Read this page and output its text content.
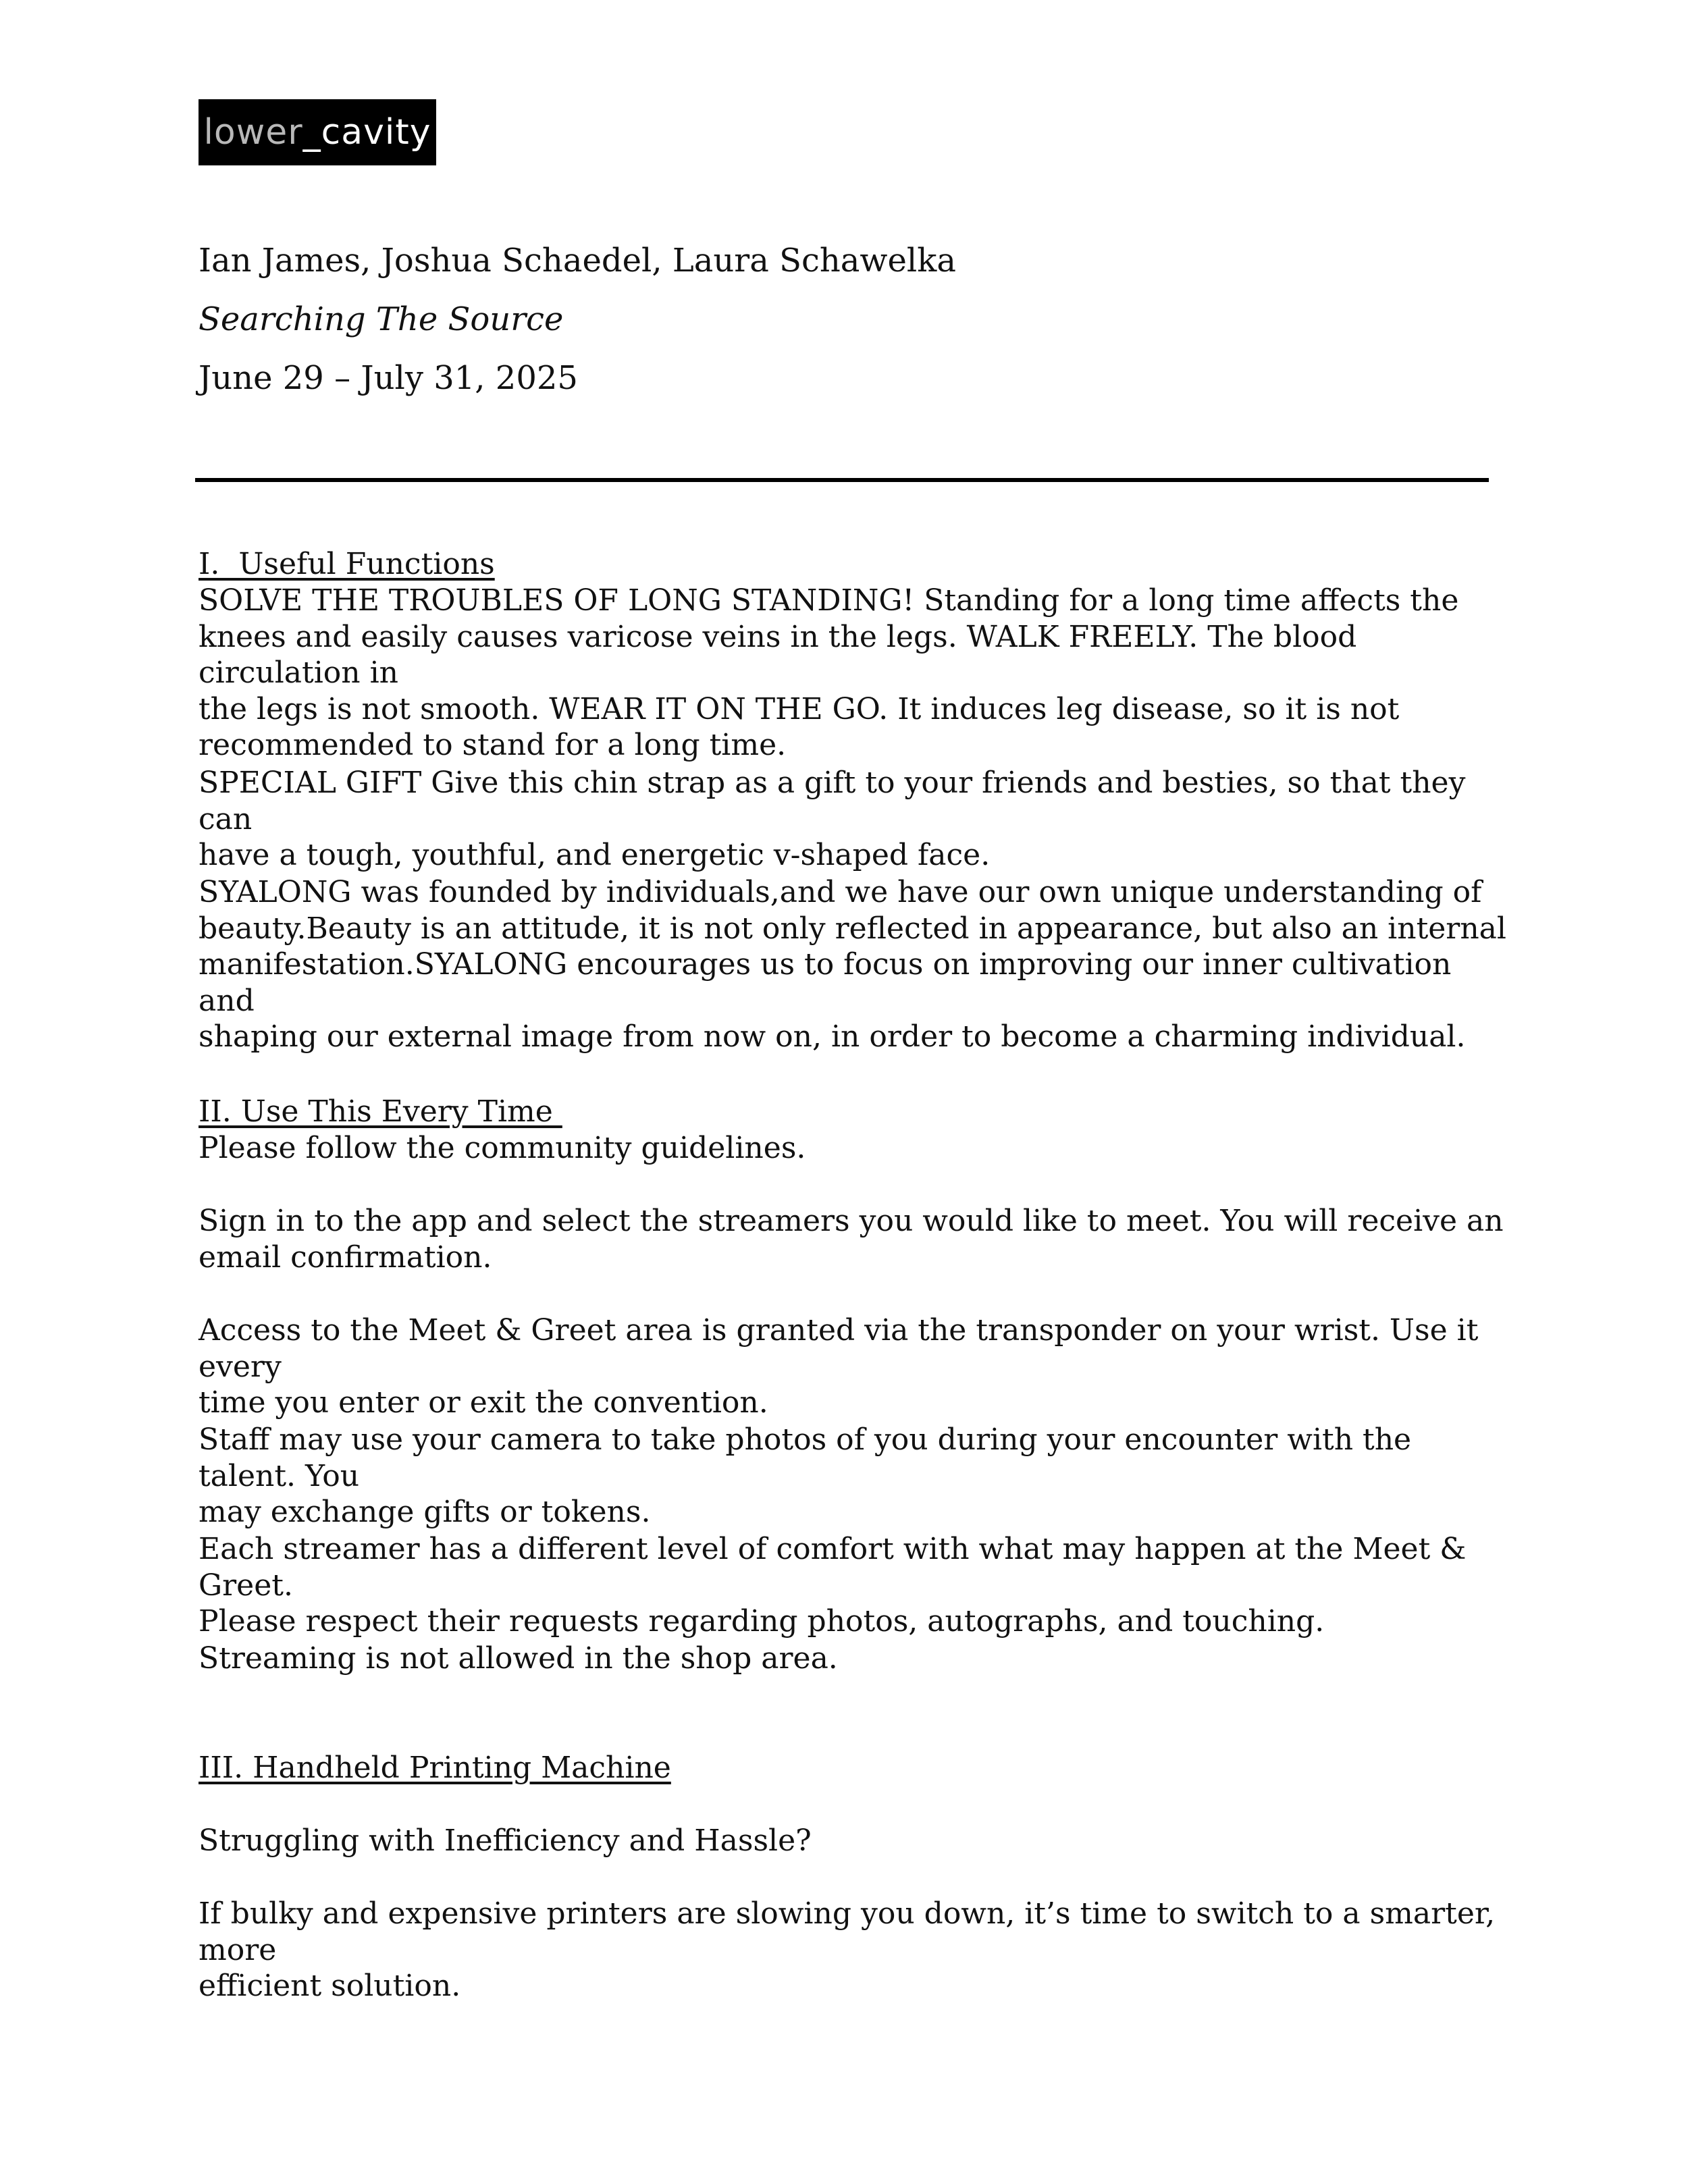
lower _cavity
Ian James, Joshua Schaedel, Laura Schawelka
Searching The Source
June 29 – July 31, 2025
I.  Useful Functions

SOLVE THE TROUBLES OF LONG STANDING! Standing for a long time affects the
knees and easily causes varicose veins in the legs. WALK FREELY. The blood circulation in
the legs is not smooth. WEAR IT ON THE GO. It induces leg disease, so it is not
recommended to stand for a long time.

SPECIAL GIFT Give this chin strap as a gift to your friends and besties, so that they can
have a tough, youthful, and energetic v-shaped face.

SYALONG was founded by individuals,and we have our own unique understanding of
beauty.Beauty is an attitude, it is not only reflected in appearance, but also an internal
manifestation.SYALONG encourages us to focus on improving our inner cultivation and
shaping our external image from now on, in order to become a charming individual.

II. Use This Every Time

Please follow the community guidelines.

Sign in to the app and select the streamers you would like to meet. You will receive an
email confirmation.

Access to the Meet & Greet area is granted via the transponder on your wrist. Use it every
time you enter or exit the convention.

Staff may use your camera to take photos of you during your encounter with the talent. You
may exchange gifts or tokens.

Each streamer has a different level of comfort with what may happen at the Meet & Greet.
Please respect their requests regarding photos, autographs, and touching.

Streaming is not allowed in the shop area.

III. Handheld Printing Machine

Struggling with Inefficiency and Hassle?

If bulky and expensive printers are slowing you down, it’s time to switch to a smarter, more
efficient solution.
